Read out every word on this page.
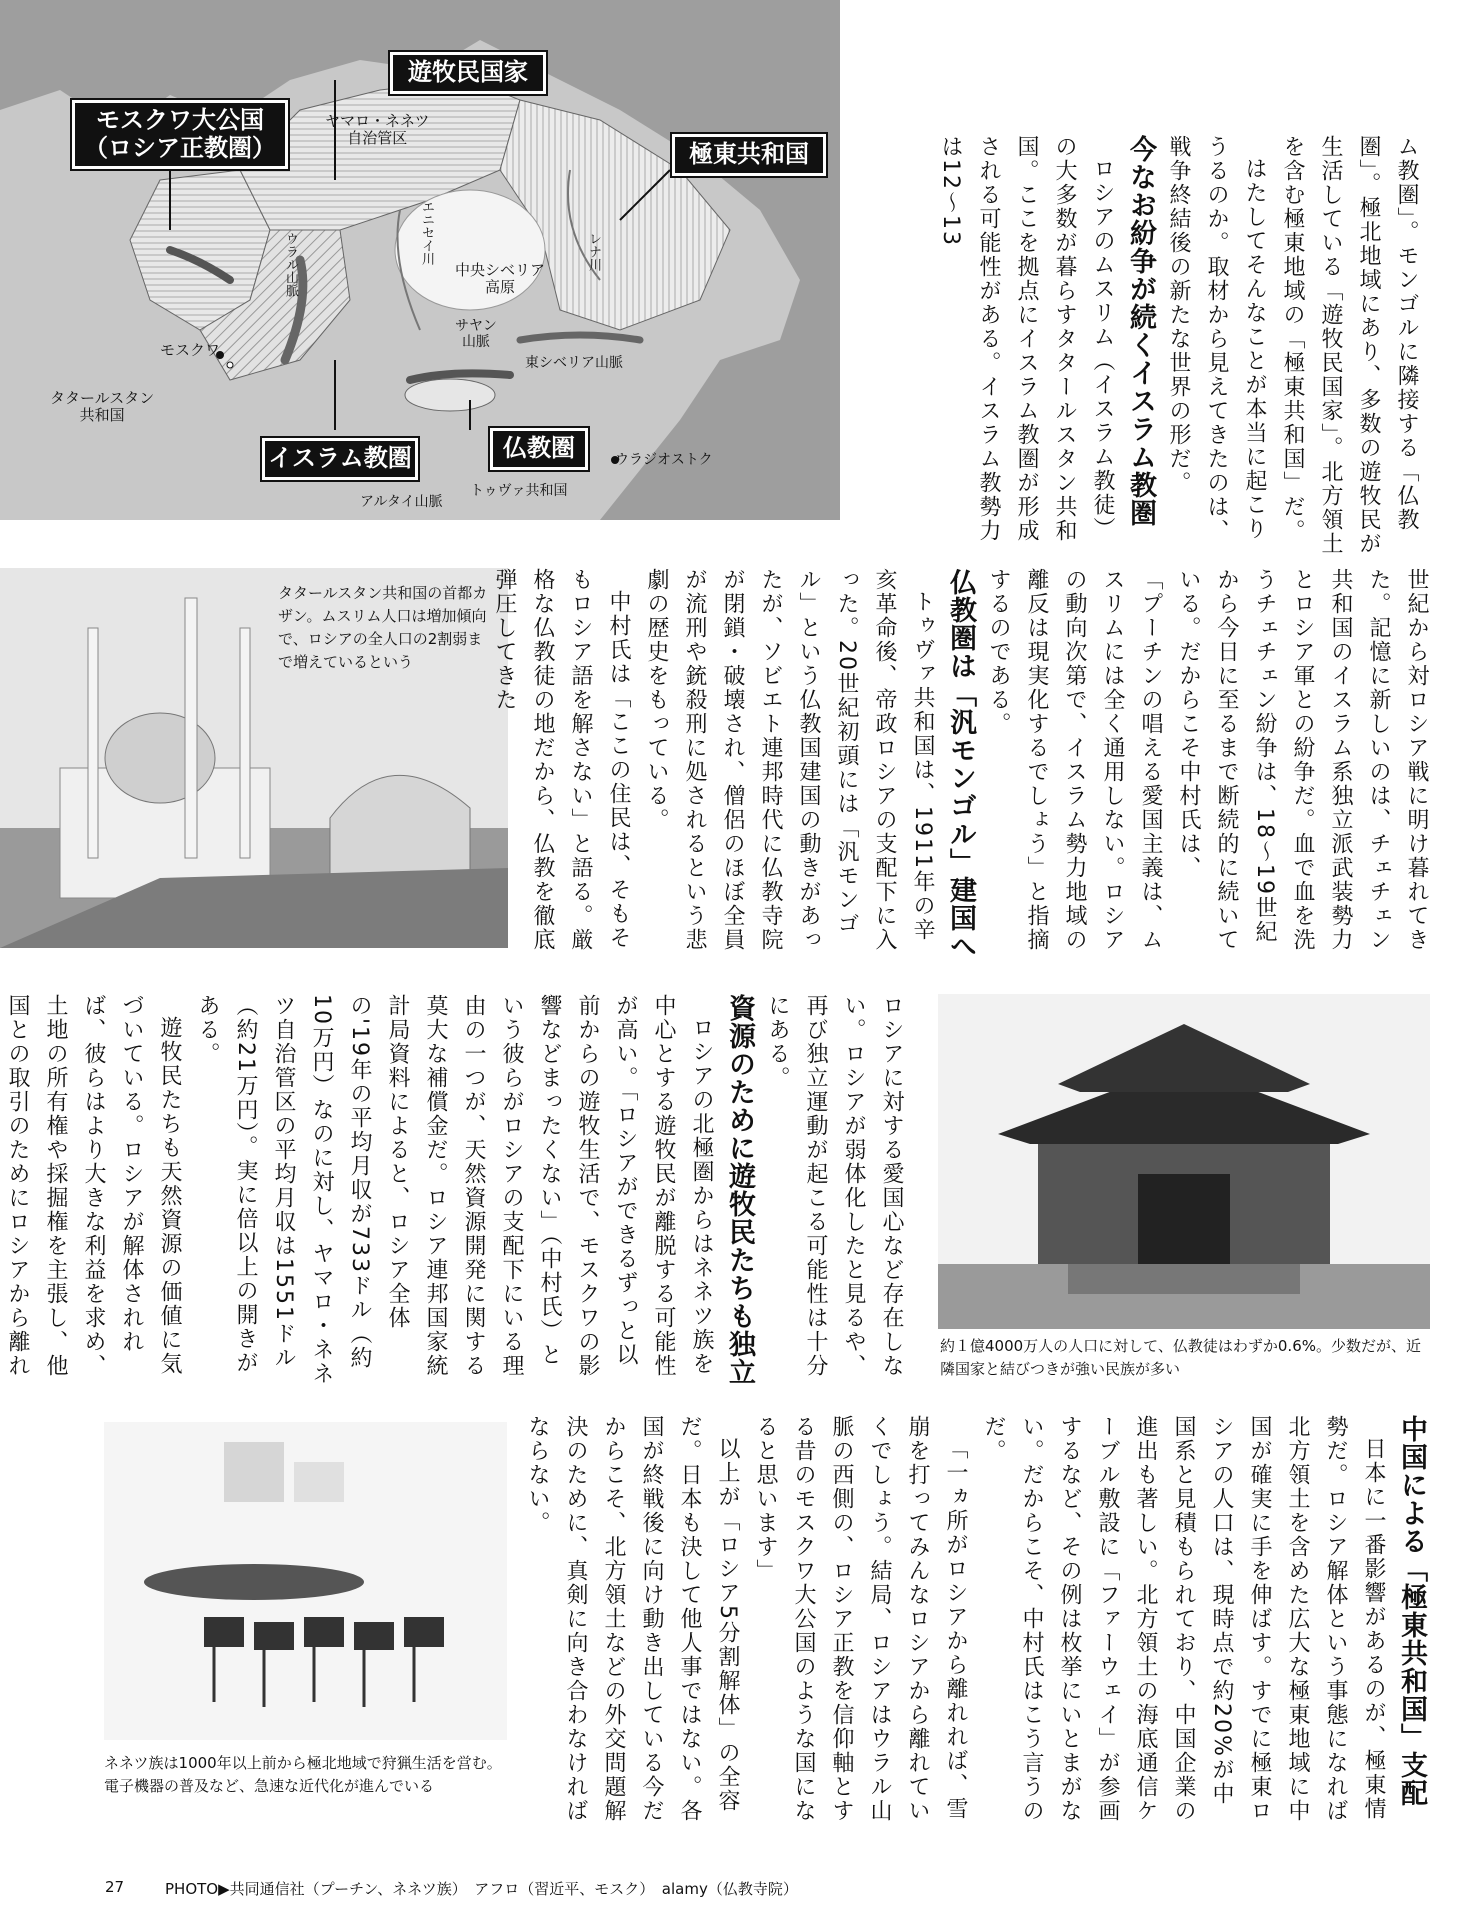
モスクワ大公国
（ロシア正教圏）
遊牧民国家
極東共和国
イスラム教圏	仏教圏
ヤマロ・ネネツ
自治管区
エニセイ川	レナ川
中央シベリア
高原
ウラル山脈
サヤン
山脈
東シベリア山脈
モスクワ
タタールスタン
共和国
トゥヴァ共和国
アルタイ山脈
ウラジオストク	ム教圏」。モンゴルに隣接する「仏教圏」。極北地域にあり、多数の遊牧民が生活している「遊牧民国家」。北方領土を含む極東地域の「極東共和国」だ。

はたしてそんなことが本当に起こりうるのか。取材から見えてきたのは、戦争終結後の新たな世界の形だ。

今なお紛争が続くイスラム教圏

ロシアのムスリム（イスラム教徒）の大多数が暮らすタタールスタン共和国。ここを拠点にイスラム教圏が形成される可能性がある。イスラム教勢力は12〜13

タタールスタン共和国の首都カザン。ムスリム人口は増加傾向で、ロシアの全人口の2割弱まで増えているという	世紀から対ロシア戦に明け暮れてきた。記憶に新しいのは、チェチェン共和国のイスラム系独立派武装勢力とロシア軍との紛争だ。血で血を洗うチェチェン紛争は、18〜19世紀から今日に至るまで断続的に続いている。だからこそ中村氏は、

「プーチンの唱える愛国主義は、ムスリムには全く通用しない。ロシアの動向次第で、イスラム勢力地域の離反は現実化するでしょう」と指摘するのである。

仏教圏は「汎モンゴル」建国へ

トゥヴァ共和国は、1911年の辛亥革命後、帝政ロシアの支配下に入った。20世紀初頭には「汎モンゴル」という仏教国建国の動きがあったが、ソビエト連邦時代に仏教寺院が閉鎖・破壊され、僧侶のほぼ全員が流刑や銃殺刑に処されるという悲劇の歴史をもっている。

中村氏は「ここの住民は、そもそもロシア語を解さない」と語る。厳格な仏教徒の地だから、仏教を徹底弾圧してきた

約１億4000万人の人口に対して、仏教徒はわずか0.6%。少数だが、近隣国家と結びつきが強い民族が多い

ロシアに対する愛国心など存在しない。ロシアが弱体化したと見るや、再び独立運動が起こる可能性は十分にある。

資源のために遊牧民たちも独立

ロシアの北極圏からはネネツ族を中心とする遊牧民が離脱する可能性が高い。「ロシアができるずっと以前からの遊牧生活で、モスクワの影響などまったくない」（中村氏）という彼らがロシアの支配下にいる理由の一つが、天然資源開発に関する莫大な補償金だ。ロシア連邦国家統計局資料によると、ロシア全体の'19年の平均月収が733ドル（約10万円）なのに対し、ヤマロ・ネネツ自治管区の平均月収は1551ドル（約21万円）。実に倍以上の開きがある。

遊牧民たちも天然資源の価値に気づいている。ロシアが解体されれば、彼らはより大きな利益を求め、土地の所有権や採掘権を主張し、他国との取引のためにロシアから離れ

中国による「極東共和国」支配

日本に一番影響があるのが、極東情勢だ。ロシア解体という事態になれば北方領土を含めた広大な極東地域に中国が確実に手を伸ばす。すでに極東ロシアの人口は、現時点で約20%が中国系と見積もられており、中国企業の進出も著しい。北方領土の海底通信ケーブル敷設に「ファーウェイ」が参画するなど、その例は枚挙にいとまがない。だからこそ、中村氏はこう言うのだ。

「一ヵ所がロシアから離れれば、雪崩を打ってみんなロシアから離れていくでしょう。結局、ロシアはウラル山脈の西側の、ロシア正教を信仰軸とする昔のモスクワ大公国のような国になると思います」

以上が「ロシア5分割解体」の全容だ。日本も決して他人事ではない。各国が終戦後に向け動き出している今だからこそ、北方領土などの外交問題解決のために、真剣に向き合わなければならない。

ネネツ族は1000年以上前から極北地域で狩猟生活を営む。電子機器の普及など、急速な近代化が進んでいる
27	PHOTO▶共同通信社（プーチン、ネネツ族）　アフロ（習近平、モスク）　alamy（仏教寺院）
